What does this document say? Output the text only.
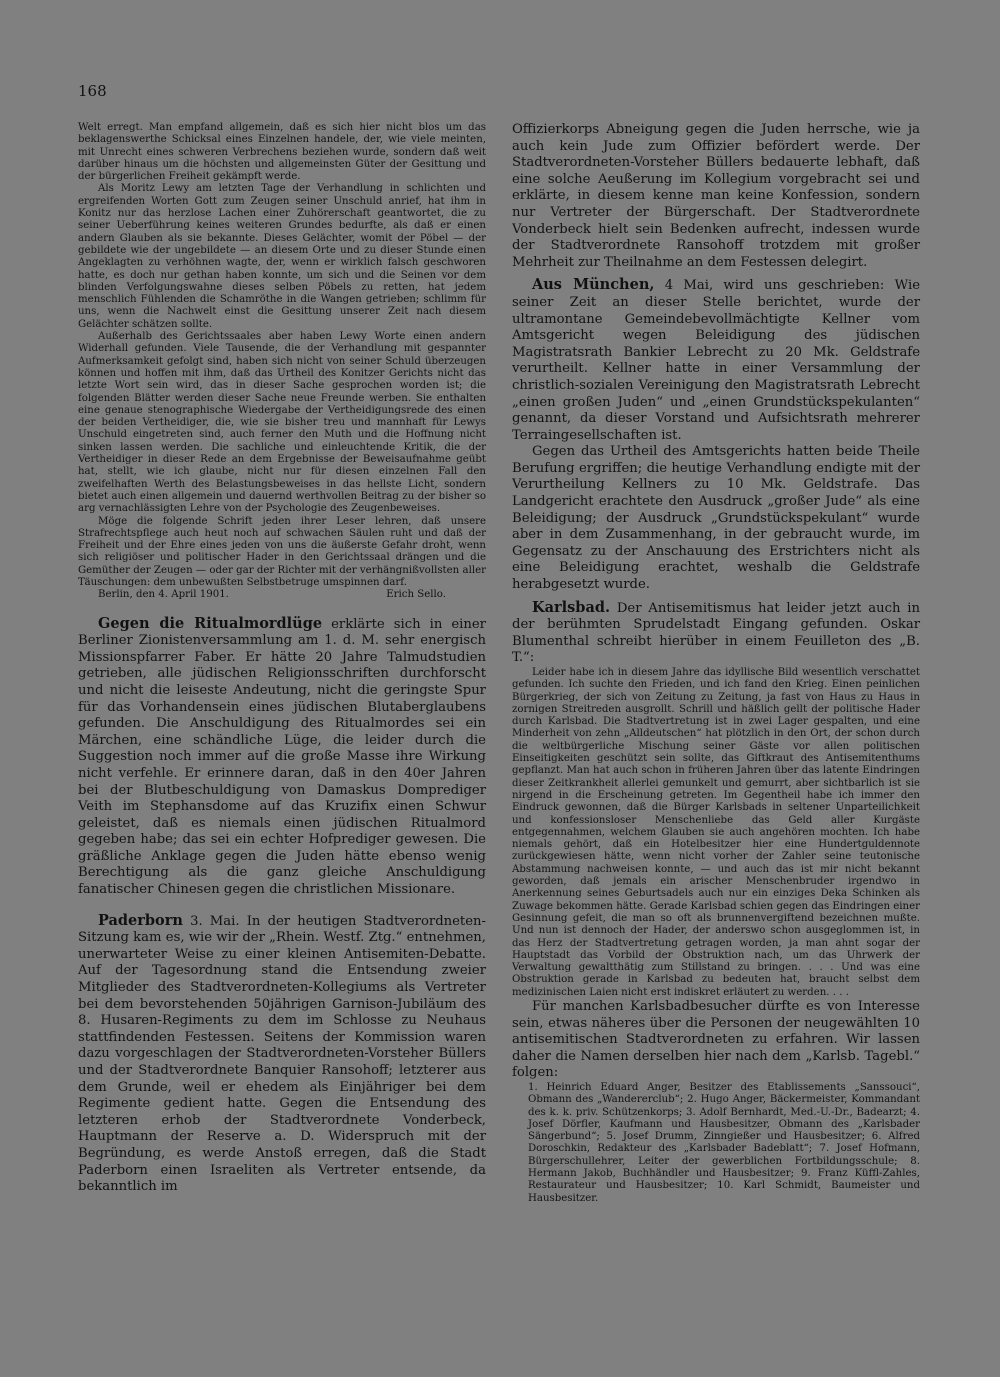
168

Welt erregt. Man empfand allgemein, daß es sich hier nicht blos um das beklagenswerthe Schicksal eines Einzelnen handele, der, wie viele meinten, mit Unrecht eines schweren Verbrechens beziehen wurde, sondern daß weit darüber hinaus um die höchsten und allgemeinsten Güter der Gesittung und der bürgerlichen Freiheit gekämpft werde.

Als Moritz Lewy am letzten Tage der Verhandlung in schlichten und ergreifenden Worten Gott zum Zeugen seiner Unschuld anrief, hat ihm in Konitz nur das herzlose Lachen einer Zuhörerschaft geantwortet, die zu seiner Ueberführung keines weiteren Grundes bedurfte, als daß er einen andern Glauben als sie bekannte. Dieses Gelächter, womit der Pöbel — der gebildete wie der ungebildete — an diesem Orte und zu dieser Stunde einen Angeklagten zu verhöhnen wagte, der, wenn er wirklich falsch geschworen hatte, es doch nur gethan haben konnte, um sich und die Seinen vor dem blinden Verfolgungswahne dieses selben Pöbels zu retten, hat jedem menschlich Fühlenden die Schamröthe in die Wangen getrieben; schlimm für uns, wenn die Nachwelt einst die Gesittung unserer Zeit nach diesem Gelächter schätzen sollte.

Außerhalb des Gerichtssaales aber haben Lewy Worte einen andern Widerhall gefunden. Viele Tausende, die der Verhandlung mit gespannter Aufmerksamkeit gefolgt sind, haben sich nicht von seiner Schuld überzeugen können und hoffen mit ihm, daß das Urtheil des Konitzer Gerichts nicht das letzte Wort sein wird, das in dieser Sache gesprochen worden ist; die folgenden Blätter werden dieser Sache neue Freunde werben. Sie enthalten eine genaue stenographische Wiedergabe der Vertheidigungsrede des einen der beiden Vertheidiger, die, wie sie bisher treu und mannhaft für Lewys Unschuld eingetreten sind, auch ferner den Muth und die Hoffnung nicht sinken lassen werden. Die sachliche und einleuchtende Kritik, die der Vertheidiger in dieser Rede an dem Ergebnisse der Beweisaufnahme geübt hat, stellt, wie ich glaube, nicht nur für diesen einzelnen Fall den zweifelhaften Werth des Belastungsbeweises in das hellste Licht, sondern bietet auch einen allgemein und dauernd werthvollen Beitrag zu der bisher so arg vernachlässigten Lehre von der Psychologie des Zeugenbeweises.

Möge die folgende Schrift jeden ihrer Leser lehren, daß unsere Strafrechtspflege auch heut noch auf schwachen Säulen ruht und daß der Freiheit und der Ehre eines jeden von uns die äußerste Gefahr droht, wenn sich religiöser und politischer Hader in den Gerichtssaal drängen und die Gemüther der Zeugen — oder gar der Richter mit der verhängnißvollsten aller Täuschungen: dem unbewußten Selbstbetruge umspinnen darf.

Berlin, den 4. April 1901.	Erich Sello.

Gegen die Ritualmordlüge erklärte sich in einer Berliner Zionistenversammlung am 1. d. M. sehr energisch Missionspfarrer Faber. Er hätte 20 Jahre Talmudstudien getrieben, alle jüdischen Religionsschriften durchforscht und nicht die leiseste Andeutung, nicht die geringste Spur für das Vorhandensein eines jüdischen Blutaberglaubens gefunden. Die Anschuldigung des Ritualmordes sei ein Märchen, eine schändliche Lüge, die leider durch die Suggestion noch immer auf die große Masse ihre Wirkung nicht verfehle. Er erinnere daran, daß in den 40er Jahren bei der Blutbeschuldigung von Damaskus Domprediger Veith im Stephansdome auf das Kruzifix einen Schwur geleistet, daß es niemals einen jüdischen Ritualmord gegeben habe; das sei ein echter Hofprediger gewesen. Die gräßliche Anklage gegen die Juden hätte ebenso wenig Berechtigung als die ganz gleiche Anschuldigung fanatischer Chinesen gegen die christlichen Missionare.

Paderborn 3. Mai. In der heutigen Stadtverordneten-Sitzung kam es, wie wir der „Rhein. Westf. Ztg.“ entnehmen, unerwarteter Weise zu einer kleinen Antisemiten-Debatte. Auf der Tagesordnung stand die Entsendung zweier Mitglieder des Stadtverordneten-Kollegiums als Vertreter bei dem bevorstehenden 50jährigen Garnison-Jubiläum des 8. Husaren-Regiments zu dem im Schlosse zu Neuhaus stattfindenden Festessen. Seitens der Kommission waren dazu vorgeschlagen der Stadtverordneten-Vorsteher Büllers und der Stadtverordnete Banquier Ransohoff; letzterer aus dem Grunde, weil er ehedem als Einjähriger bei dem Regimente gedient hatte. Gegen die Entsendung des letzteren erhob der Stadtverordnete Vonderbeck, Hauptmann der Reserve a. D. Widerspruch mit der Begründung, es werde Anstoß erregen, daß die Stadt Paderborn einen Israeliten als Vertreter entsende, da bekanntlich im

Offizierkorps Abneigung gegen die Juden herrsche, wie ja auch kein Jude zum Offizier befördert werde. Der Stadtverordneten-Vorsteher Büllers bedauerte lebhaft, daß eine solche Aeußerung im Kollegium vorgebracht sei und erklärte, in diesem kenne man keine Konfession, sondern nur Vertreter der Bürgerschaft. Der Stadtverordnete Vonderbeck hielt sein Bedenken aufrecht, indessen wurde der Stadtverordnete Ransohoff trotzdem mit großer Mehrheit zur Theilnahme an dem Festessen delegirt.

Aus München, 4 Mai, wird uns geschrieben: Wie seiner Zeit an dieser Stelle berichtet, wurde der ultramontane Gemeindebevollmächtigte Kellner vom Amtsgericht wegen Beleidigung des jüdischen Magistratsrath Bankier Lebrecht zu 20 Mk. Geldstrafe verurtheilt. Kellner hatte in einer Versammlung der christlich-sozialen Vereinigung den Magistratsrath Lebrecht „einen großen Juden“ und „einen Grundstückspekulanten“ genannt, da dieser Vorstand und Aufsichtsrath mehrerer Terraingesellschaften ist.

Gegen das Urtheil des Amtsgerichts hatten beide Theile Berufung ergriffen; die heutige Verhandlung endigte mit der Verurtheilung Kellners zu 10 Mk. Geldstrafe. Das Landgericht erachtete den Ausdruck „großer Jude“ als eine Beleidigung; der Ausdruck „Grundstückspekulant“ wurde aber in dem Zusammenhang, in der gebraucht wurde, im Gegensatz zu der Anschauung des Erstrichters nicht als eine Beleidigung erachtet, weshalb die Geldstrafe herabgesetzt wurde.

Karlsbad. Der Antisemitismus hat leider jetzt auch in der berühmten Sprudelstadt Eingang gefunden. Oskar Blumenthal schreibt hierüber in einem Feuilleton des „B. T.“:

Leider habe ich in diesem Jahre das idyllische Bild wesentlich verschattet gefunden. Ich suchte den Frieden, und ich fand den Krieg. Einen peinlichen Bürgerkrieg, der sich von Zeitung zu Zeitung, ja fast von Haus zu Haus in zornigen Streitreden ausgrollt. Schrill und häßlich gellt der politische Hader durch Karlsbad. Die Stadtvertretung ist in zwei Lager gespalten, und eine Minderheit von zehn „Alldeutschen“ hat plötzlich in den Ort, der schon durch die weltbürgerliche Mischung seiner Gäste vor allen politischen Einseitigkeiten geschützt sein sollte, das Giftkraut des Antisemitenthums gepflanzt. Man hat auch schon in früheren Jahren über das latente Eindringen dieser Zeitkrankheit allerlei gemunkelt und gemurrt, aber sichtbarlich ist sie nirgend in die Erscheinung getreten. Im Gegentheil habe ich immer den Eindruck gewonnen, daß die Bürger Karlsbads in seltener Unparteilichkeit und konfessionsloser Menschenliebe das Geld aller Kurgäste entgegennahmen, welchem Glauben sie auch angehören mochten. Ich habe niemals gehört, daß ein Hotelbesitzer hier eine Hundertguldennote zurückgewiesen hätte, wenn nicht vorher der Zahler seine teutonische Abstammung nachweisen konnte, — und auch das ist mir nicht bekannt geworden, daß jemals ein arischer Menschenbruder irgendwo in Anerkennung seines Geburtsadels auch nur ein einziges Deka Schinken als Zuwage bekommen hätte. Gerade Karlsbad schien gegen das Eindringen einer Gesinnung gefeit, die man so oft als brunnenvergiftend bezeichnen mußte. Und nun ist dennoch der Hader, der anderswo schon ausgeglommen ist, in das Herz der Stadtvertretung getragen worden, ja man ahnt sogar der Hauptstadt das Vorbild der Obstruktion nach, um das Uhrwerk der Verwaltung gewaltthätig zum Stillstand zu bringen. . . . Und was eine Obstruktion gerade in Karlsbad zu bedeuten hat, braucht selbst dem medizinischen Laien nicht erst indiskret erläutert zu werden. . . .

Für manchen Karlsbadbesucher dürfte es von Interesse sein, etwas näheres über die Personen der neugewählten 10 antisemitischen Stadtverordneten zu erfahren. Wir lassen daher die Namen derselben hier nach dem „Karlsb. Tagebl.“ folgen:

1. Heinrich Eduard Anger, Besitzer des Etablissements „Sanssouci“, Obmann des „Wandererclub“; 2. Hugo Anger, Bäckermeister, Kommandant des k. k. priv. Schützenkorps; 3. Adolf Bernhardt, Med.-U.-Dr., Badearzt; 4. Josef Dörfler, Kaufmann und Hausbesitzer, Obmann des „Karlsbader Sängerbund“; 5. Josef Drumm, Zinngießer und Hausbesitzer; 6. Alfred Doroschkin, Redakteur des „Karlsbader Badeblatt“; 7. Josef Hofmann, Bürgerschullehrer, Leiter der gewerblichen Fortbildungsschule; 8. Hermann Jakob, Buchhändler und Hausbesitzer; 9. Franz Küffl-Zahles, Restaurateur und Hausbesitzer; 10. Karl Schmidt, Baumeister und Hausbesitzer.
